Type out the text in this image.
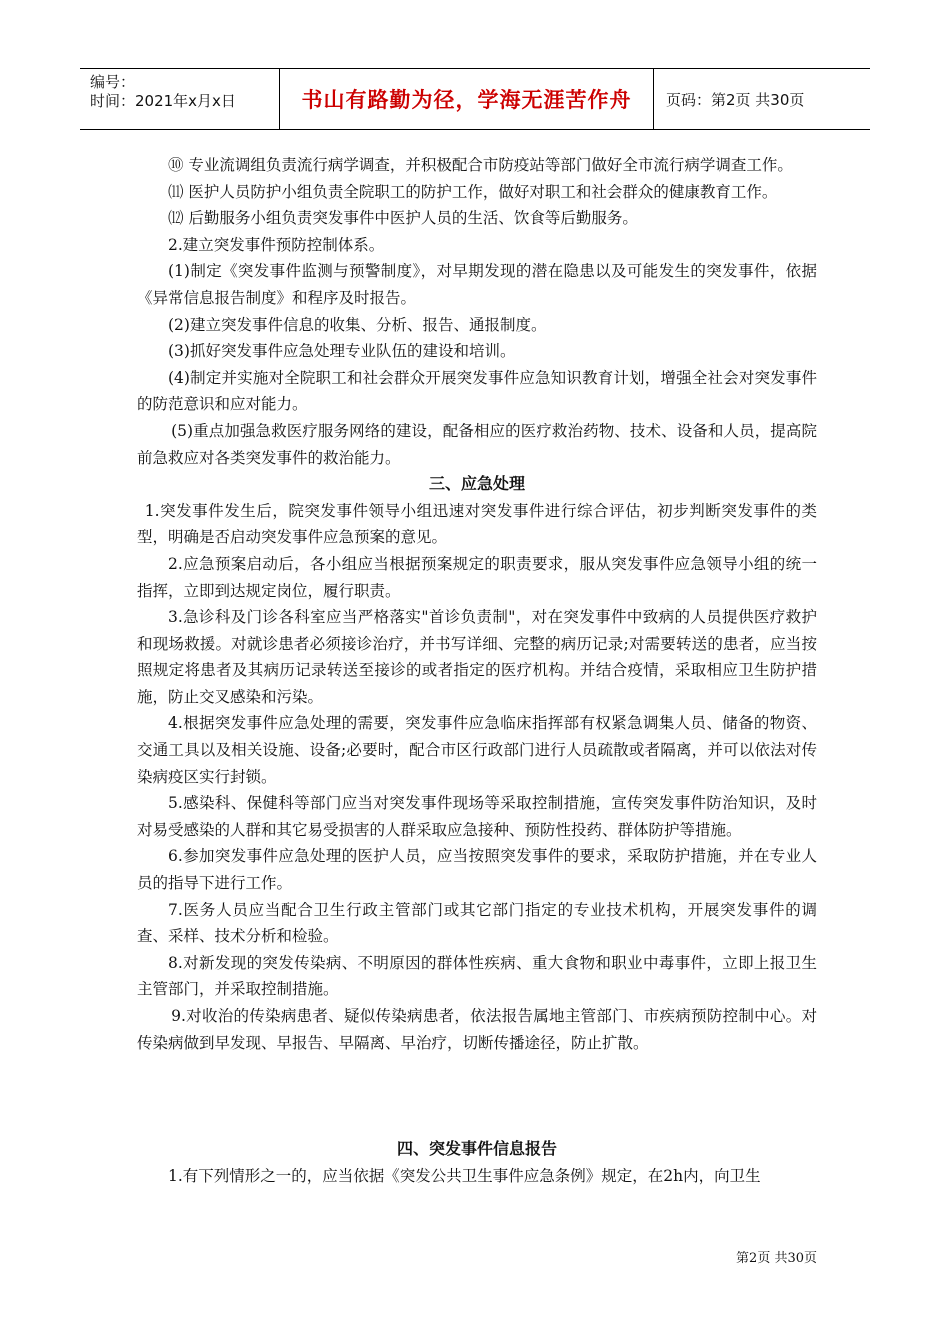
编号：
时间：2021年x月x日	书山有路勤为径，学海无涯苦作舟	页码：第2页 共30页

⑩ 专业流调组负责流行病学调查，并积极配合市防疫站等部门做好全市流行病学调查工作。

⑾ 医护人员防护小组负责全院职工的防护工作，做好对职工和社会群众的健康教育工作。

⑿ 后勤服务小组负责突发事件中医护人员的生活、饮食等后勤服务。

2.建立突发事件预防控制体系。

(1)制定《突发事件监测与预警制度》，对早期发现的潜在隐患以及可能发生的突发事件，依据《异常信息报告制度》和程序及时报告。

(2)建立突发事件信息的收集、分析、报告、通报制度。

(3)抓好突发事件应急处理专业队伍的建设和培训。

(4)制定并实施对全院职工和社会群众开展突发事件应急知识教育计划，增强全社会对突发事件的防范意识和应对能力。

(5)重点加强急救医疗服务网络的建设，配备相应的医疗救治药物、技术、设备和人员，提高院前急救应对各类突发事件的救治能力。

三、应急处理

1.突发事件发生后，院突发事件领导小组迅速对突发事件进行综合评估，初步判断突发事件的类型，明确是否启动突发事件应急预案的意见。

2.应急预案启动后，各小组应当根据预案规定的职责要求，服从突发事件应急领导小组的统一指挥，立即到达规定岗位，履行职责。

3.急诊科及门诊各科室应当严格落实"首诊负责制"，对在突发事件中致病的人员提供医疗救护和现场救援。对就诊患者必须接诊治疗，并书写详细、完整的病历记录;对需要转送的患者，应当按照规定将患者及其病历记录转送至接诊的或者指定的医疗机构。并结合疫情，采取相应卫生防护措施，防止交叉感染和污染。

4.根据突发事件应急处理的需要，突发事件应急临床指挥部有权紧急调集人员、储备的物资、交通工具以及相关设施、设备;必要时，配合市区行政部门进行人员疏散或者隔离，并可以依法对传染病疫区实行封锁。

5.感染科、保健科等部门应当对突发事件现场等采取控制措施，宣传突发事件防治知识，及时对易受感染的人群和其它易受损害的人群采取应急接种、预防性投药、群体防护等措施。

6.参加突发事件应急处理的医护人员，应当按照突发事件的要求，采取防护措施，并在专业人员的指导下进行工作。

7.医务人员应当配合卫生行政主管部门或其它部门指定的专业技术机构，开展突发事件的调查、采样、技术分析和检验。

8.对新发现的突发传染病、不明原因的群体性疾病、重大食物和职业中毒事件，立即上报卫生主管部门，并采取控制措施。

9.对收治的传染病患者、疑似传染病患者，依法报告属地主管部门、市疾病预防控制中心。对传染病做到早发现、早报告、早隔离、早治疗，切断传播途径，防止扩散。

四、突发事件信息报告

1.有下列情形之一的，应当依据《突发公共卫生事件应急条例》规定，在2h内，向卫生

第2页 共30页
